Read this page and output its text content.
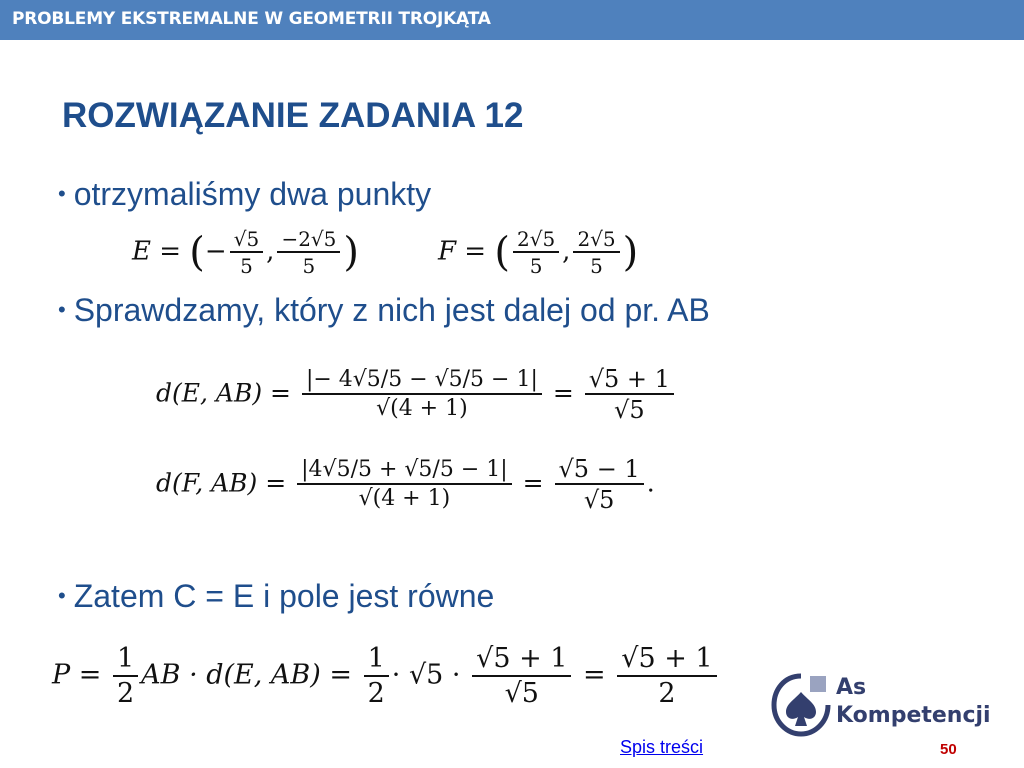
PROBLEMY EKSTREMALNE W GEOMETRII TROJKĄTA
ROZWIĄZANIE ZADANIA 12
• otrzymaliśmy dwa punkty
E = (− $\frac{√5}{5}$ , $\frac{-2√5}{5}$ )	F = ( $\frac{2√5}{5}$ , $\frac{2√5}{5}$ )
• Sprawdzamy, który z nich jest dalej od pr. AB
d(E, $AB) = \frac{|- 4√5/5 - √5/5 - 1|}{√(4 + 1)} = \frac{√5 + 1}{√5}$
d(F, $AB) = \frac{|4√5/5 + √5/5 - 1|}{√(4 + 1)} = \frac{√5 - 1}{√5}$ .
• Zatem C = E i pole jest równe
$P = \frac{1}{2}$ AB · d(E, $AB) = \frac{1}{2} \cdot √5 \cdot \frac{√5 + 1}{√5} = \frac{√5 + 1}{2}$	As
Kompetencji
Spis treści	50
